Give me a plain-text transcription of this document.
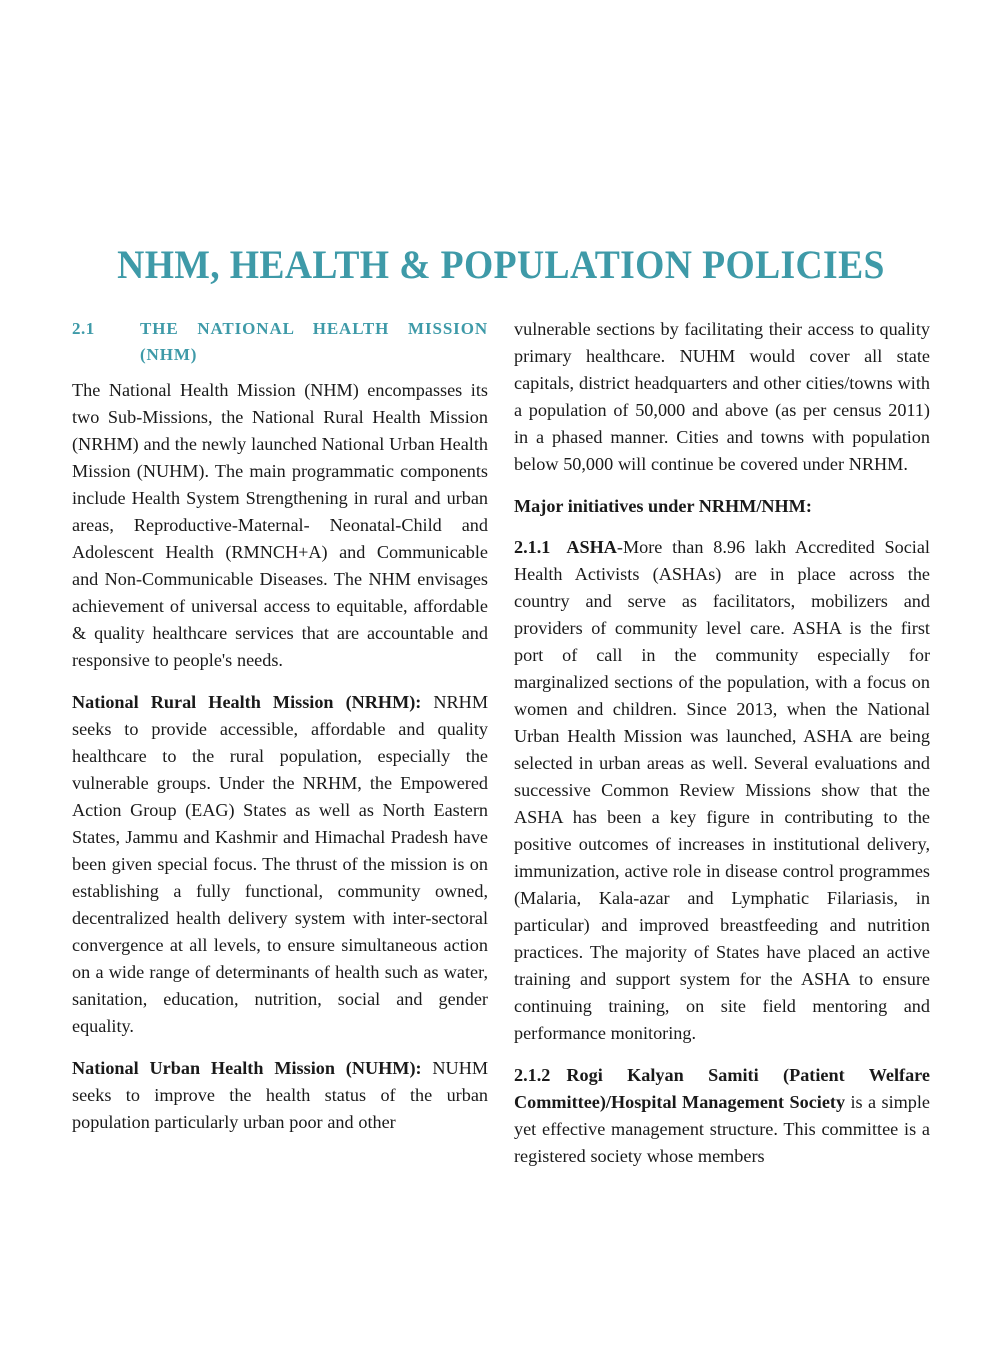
NHM, HEALTH & POPULATION POLICIES
2.1	THE NATIONAL HEALTH MISSION (NHM)

The National Health Mission (NHM) encompasses its two Sub-Missions, the National Rural Health Mission (NRHM) and the newly launched National Urban Health Mission (NUHM). The main programmatic components include Health System Strengthening in rural and urban areas, Reproductive-Maternal- Neonatal-Child and Adolescent Health (RMNCH+A) and Communicable and Non-Communicable Diseases. The NHM envisages achievement of universal access to equitable, affordable & quality healthcare services that are accountable and responsive to people's needs.

National Rural Health Mission (NRHM): NRHM seeks to provide accessible, affordable and quality healthcare to the rural population, especially the vulnerable groups. Under the NRHM, the Empowered Action Group (EAG) States as well as North Eastern States, Jammu and Kashmir and Himachal Pradesh have been given special focus. The thrust of the mission is on establishing a fully functional, community owned, decentralized health delivery system with inter-sectoral convergence at all levels, to ensure simultaneous action on a wide range of determinants of health such as water, sanitation, education, nutrition, social and gender equality.

National Urban Health Mission (NUHM): NUHM seeks to improve the health status of the urban population particularly urban poor and other

vulnerable sections by facilitating their access to quality primary healthcare. NUHM would cover all state capitals, district headquarters and other cities/towns with a population of 50,000 and above (as per census 2011) in a phased manner. Cities and towns with population below 50,000 will continue be covered under NRHM.

Major initiatives under NRHM/NHM:

2.1.1 ASHA-More than 8.96 lakh Accredited Social Health Activists (ASHAs) are in place across the country and serve as facilitators, mobilizers and providers of community level care. ASHA is the first port of call in the community especially for marginalized sections of the population, with a focus on women and children. Since 2013, when the National Urban Health Mission was launched, ASHA are being selected in urban areas as well. Several evaluations and successive Common Review Missions show that the ASHA has been a key figure in contributing to the positive outcomes of increases in institutional delivery, immunization, active role in disease control programmes (Malaria, Kala-azar and Lymphatic Filariasis, in particular) and improved breastfeeding and nutrition practices. The majority of States have placed an active training and support system for the ASHA to ensure continuing training, on site field mentoring and performance monitoring.

2.1.2 Rogi Kalyan Samiti (Patient Welfare Committee)/Hospital Management Society is a simple yet effective management structure. This committee is a registered society whose members
